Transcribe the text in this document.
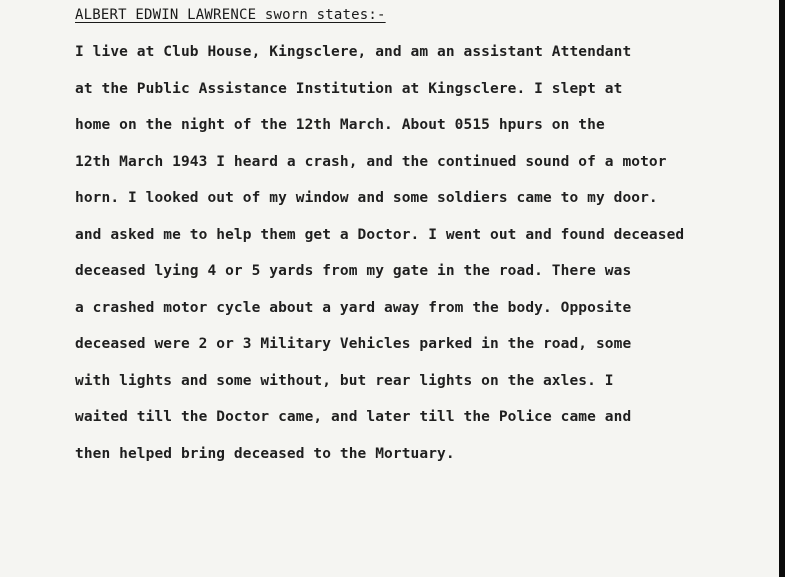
ALBERT EDWIN LAWRENCE sworn states:-
I live at Club House, Kingsclere, and am an assistant Attendant
at the Public Assistance Institution at Kingsclere. I slept at
home on the night of the 12th March. About 0515 hpurs on the
12th March 1943 I heard a crash, and the continued sound of a motor
horn. I looked out of my window and some soldiers came to my door.
and asked me to help them get a Doctor. I went out and found deceased
deceased lying 4 or 5 yards from my gate in the road. There was
a crashed motor cycle about a yard away from the body. Opposite
deceased were 2 or 3 Military Vehicles parked in the road, some
with lights and some without, but rear lights on the axles. I
waited till the Doctor came, and later till the Police came and
then helped bring deceased to the Mortuary.
